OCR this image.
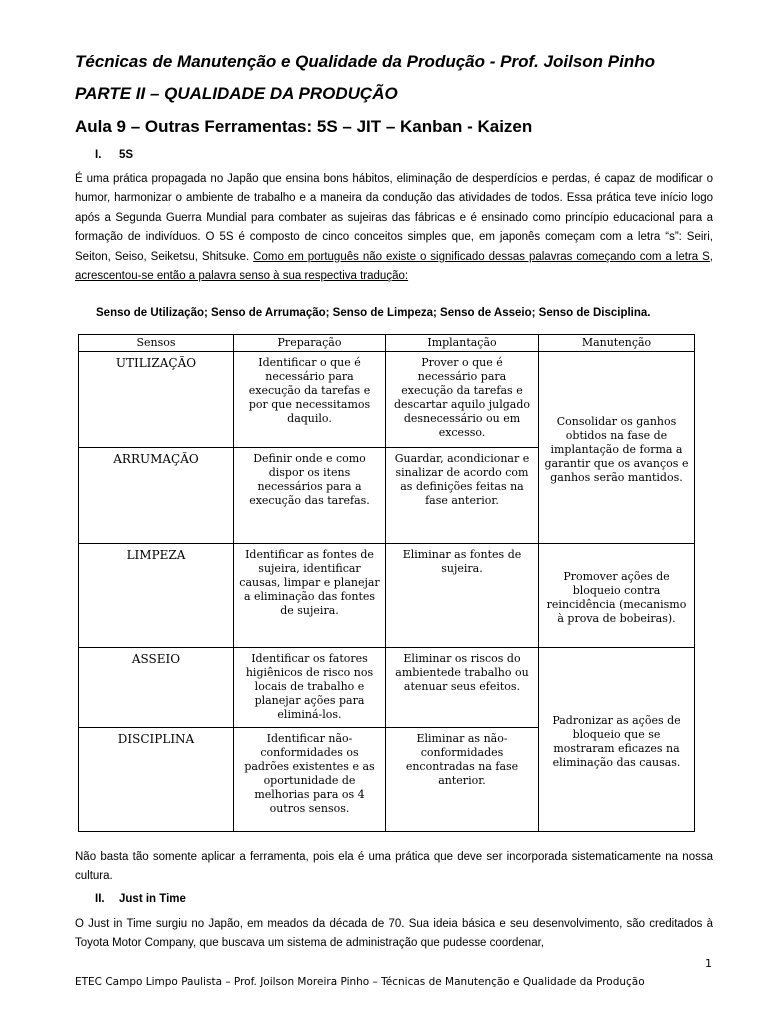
Técnicas de Manutenção e Qualidade da Produção - Prof. Joilson Pinho
PARTE II – QUALIDADE DA PRODUÇÃO
Aula 9 – Outras Ferramentas: 5S – JIT – Kanban - Kaizen
I. 5S
É uma prática propagada no Japão que ensina bons hábitos, eliminação de desperdícios e perdas, é capaz de modificar o humor, harmonizar o ambiente de trabalho e a maneira da condução das atividades de todos. Essa prática teve início logo após a Segunda Guerra Mundial para combater as sujeiras das fábricas e é ensinado como princípio educacional para a formação de indivíduos. O 5S é composto de cinco conceitos simples que, em japonês começam com a letra “s”: Seiri, Seiton, Seiso, Seiketsu, Shitsuke. Como em português não existe o significado dessas palavras começando com a letra S, acrescentou-se então a palavra senso à sua respectiva tradução:
Senso de Utilização; Senso de Arrumação; Senso de Limpeza; Senso de Asseio; Senso de Disciplina.
Sensos	Preparação	Implantação	Manutenção
UTILIZAÇÃO	Identificar o que é necessário para execução da tarefas e por que necessitamos daquilo.	Prover o que é necessário para execução da tarefas e descartar aquilo julgado desnecessário ou em excesso.	Consolidar os ganhos obtidos na fase de implantação de forma a garantir que os avanços e ganhos serão mantidos.
ARRUMAÇÃO	Definir onde e como dispor os itens necessários para a execução das tarefas.	Guardar, acondicionar e sinalizar de acordo com as definições feitas na fase anterior.	
LIMPEZA	Identificar as fontes de sujeira, identificar causas, limpar e planejar a eliminação das fontes de sujeira.	Eliminar as fontes de sujeira.	Promover ações de bloqueio contra reincidência (mecanismo à prova de bobeiras).
ASSEIO	Identificar os fatores higiênicos de risco nos locais de trabalho e planejar ações para eliminá-los.	Eliminar os riscos do ambientede trabalho ou atenuar seus efeitos.	Padronizar as ações de bloqueio que se mostraram eficazes na eliminação das causas.
DISCIPLINA	Identificar não-conformidades os padrões existentes e as oportunidade de melhorias para os 4 outros sensos.	Eliminar as não-conformidades encontradas na fase anterior.	
Não basta tão somente aplicar a ferramenta, pois ela é uma prática que deve ser incorporada sistematicamente na nossa cultura.
II. Just in Time
O Just in Time surgiu no Japão, em meados da década de 70. Sua ideia básica e seu desenvolvimento, são creditados à Toyota Motor Company, que buscava um sistema de administração que pudesse coordenar,
1
ETEC Campo Limpo Paulista – Prof. Joilson Moreira Pinho – Técnicas de Manutenção e Qualidade da Produção
